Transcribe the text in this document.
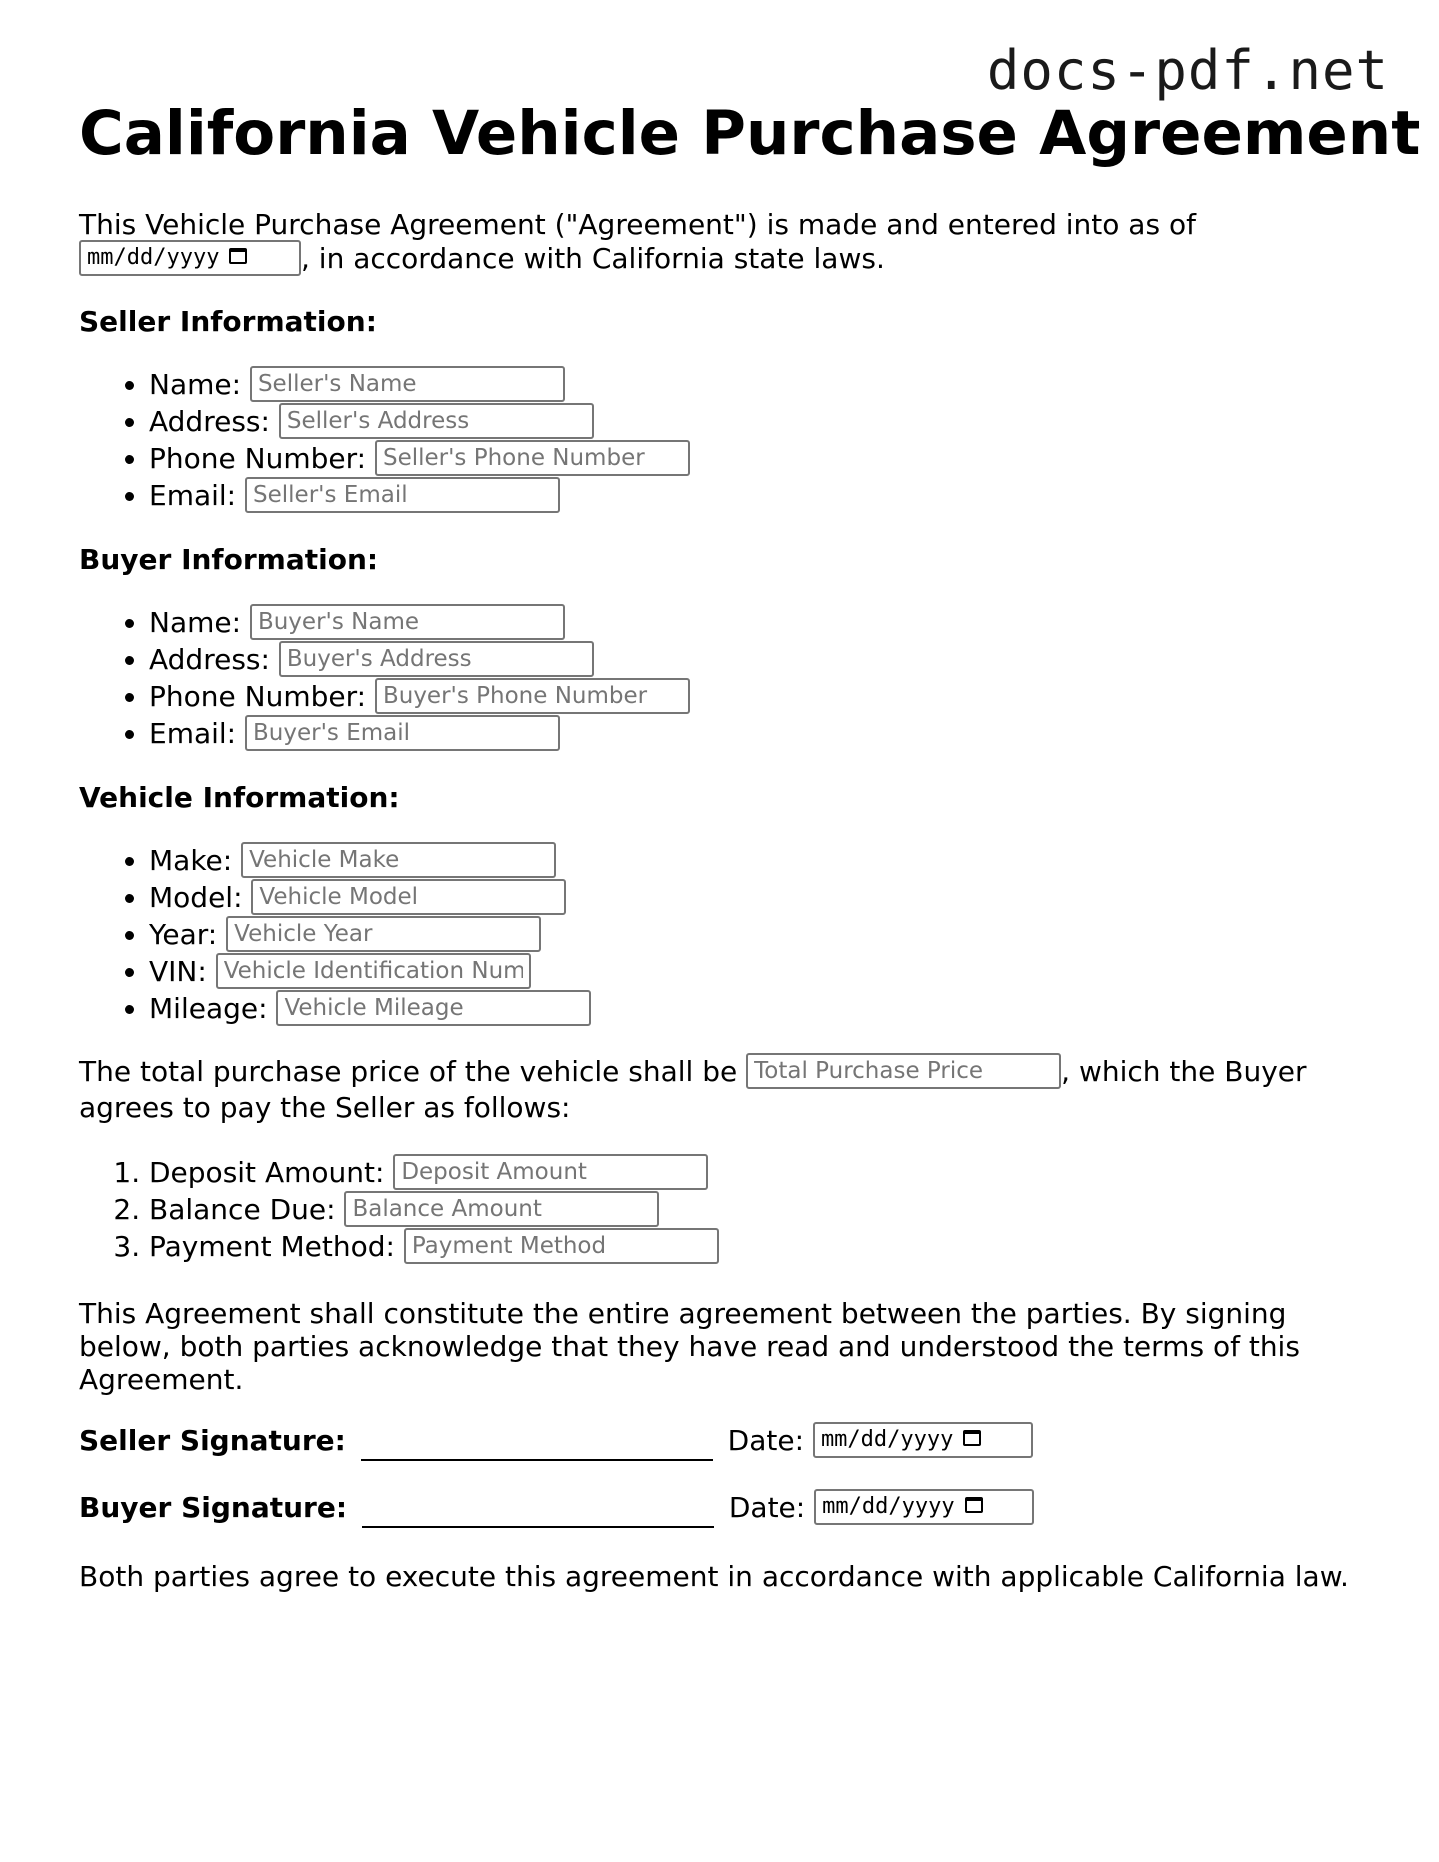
docs-pdf.net
California Vehicle Purchase Agreement

This Vehicle Purchase Agreement ("Agreement") is made and entered into as of
mm/dd/yyyy	, in accordance with California state laws.

Seller Information:

• Name: Seller's Name
• Address: Seller's Address
• Phone Number: Seller's Phone Number
• Email: Seller's Email

Buyer Information:

• Name: Buyer's Name
• Address: Buyer's Address
• Phone Number: Buyer's Phone Number
• Email: Buyer's Email

Vehicle Information:

• Make: Vehicle Make
• Model: Vehicle Model
• Year: Vehicle Year
• VIN: Vehicle Identification Number
• Mileage: Vehicle Mileage

The total purchase price of the vehicle shall be Total Purchase Price	, which the Buyer agrees to pay the Seller as follows:

1. Deposit Amount: Deposit Amount
2. Balance Due: Balance Amount
3. Payment Method: Payment Method

This Agreement shall constitute the entire agreement between the parties. By signing below, both parties acknowledge that they have read and understood the terms of this Agreement.

Seller Signature:	Date: mm/dd/yyyy
Buyer Signature:	Date: mm/dd/yyyy

Both parties agree to execute this agreement in accordance with applicable California law.
